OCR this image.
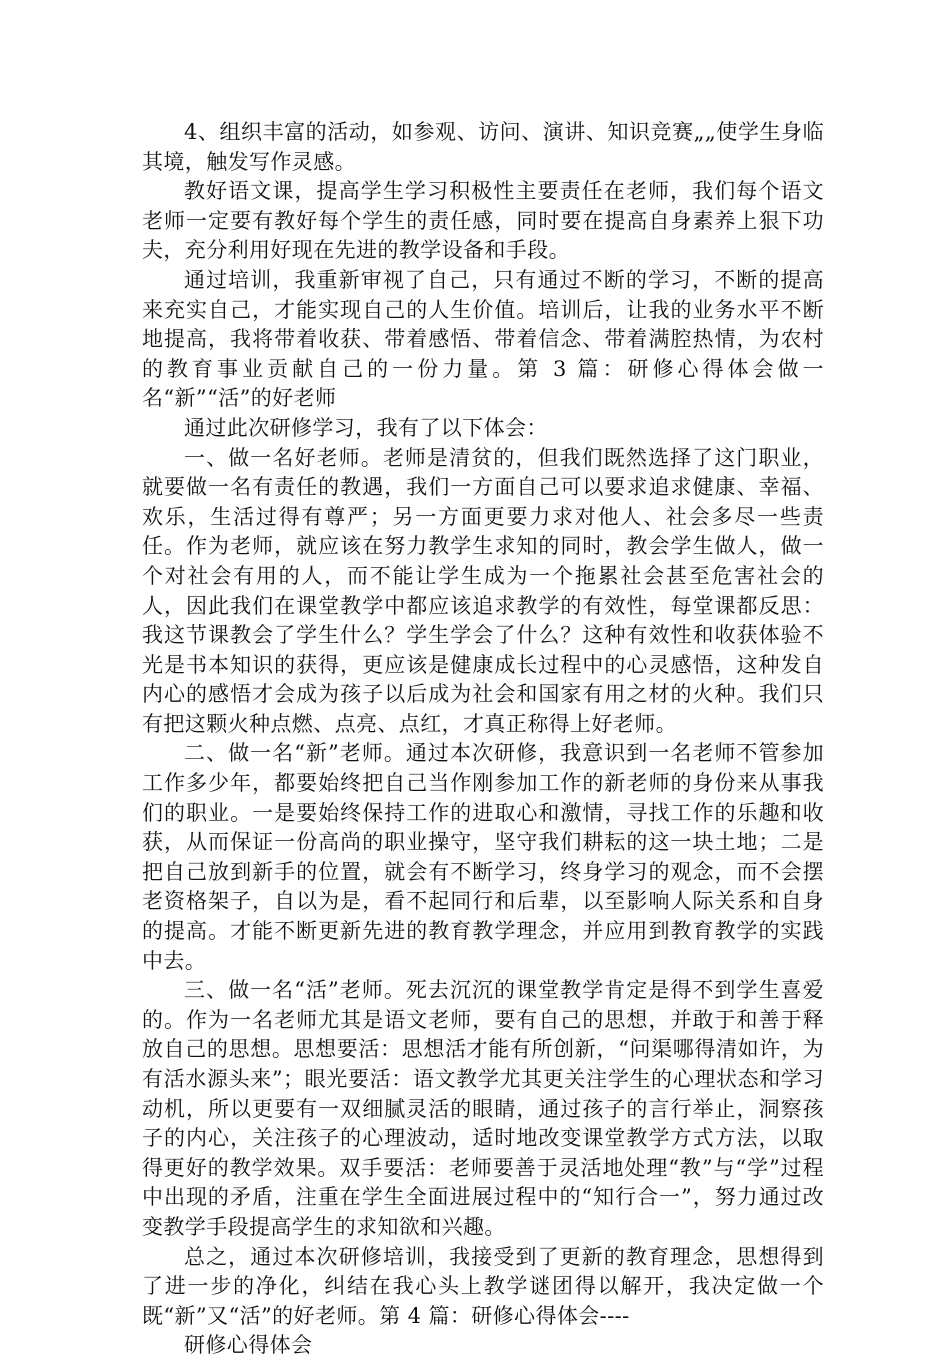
4、组织丰富的活动，如参观、访问、演讲、知识竞赛„„使学生身临其境，触发写作灵感。

教好语文课，提高学生学习积极性主要责任在老师，我们每个语文老师一定要有教好每个学生的责任感，同时要在提高自身素养上狠下功夫，充分利用好现在先进的教学设备和手段。

通过培训，我重新审视了自己，只有通过不断的学习，不断的提高来充实自己，才能实现自己的人生价值。培训后，让我的业务水平不断地提高，我将带着收获、带着感悟、带着信念、带着满腔热情，为农村的教育事业贡献自己的一份力量。第 3 篇：研修心得体会做一名“新”“活”的好老师

通过此次研修学习，我有了以下体会：

一、做一名好老师。老师是清贫的，但我们既然选择了这门职业，就要做一名有责任的教遇，我们一方面自己可以要求追求健康、幸福、欢乐，生活过得有尊严；另一方面更要力求对他人、社会多尽一些责任。作为老师，就应该在努力教学生求知的同时，教会学生做人，做一个对社会有用的人，而不能让学生成为一个拖累社会甚至危害社会的人，因此我们在课堂教学中都应该追求教学的有效性，每堂课都反思：我这节课教会了学生什么？学生学会了什么？这种有效性和收获体验不光是书本知识的获得，更应该是健康成长过程中的心灵感悟，这种发自内心的感悟才会成为孩子以后成为社会和国家有用之材的火种。我们只有把这颗火种点燃、点亮、点红，才真正称得上好老师。

二、做一名“新”老师。通过本次研修，我意识到一名老师不管参加工作多少年，都要始终把自己当作刚参加工作的新老师的身份来从事我们的职业。一是要始终保持工作的进取心和激情，寻找工作的乐趣和收获，从而保证一份高尚的职业操守，坚守我们耕耘的这一块土地；二是把自己放到新手的位置，就会有不断学习，终身学习的观念，而不会摆老资格架子，自以为是，看不起同行和后辈，以至影响人际关系和自身的提高。才能不断更新先进的教育教学理念，并应用到教育教学的实践中去。

三、做一名“活”老师。死去沉沉的课堂教学肯定是得不到学生喜爱的。作为一名老师尤其是语文老师，要有自己的思想，并敢于和善于释放自己的思想。思想要活：思想活才能有所创新，“问渠哪得清如许，为有活水源头来”；眼光要活：语文教学尤其更关注学生的心理状态和学习动机，所以更要有一双细腻灵活的眼睛，通过孩子的言行举止，洞察孩子的内心，关注孩子的心理波动，适时地改变课堂教学方式方法，以取得更好的教学效果。双手要活：老师要善于灵活地处理“教”与“学”过程中出现的矛盾，注重在学生全面进展过程中的“知行合一”，努力通过改变教学手段提高学生的求知欲和兴趣。

总之，通过本次研修培训，我接受到了更新的教育理念，思想得到了进一步的净化，纠结在我心头上教学谜团得以解开，我决定做一个既“新”又“活”的好老师。第 4 篇：研修心得体会----

研修心得体会
